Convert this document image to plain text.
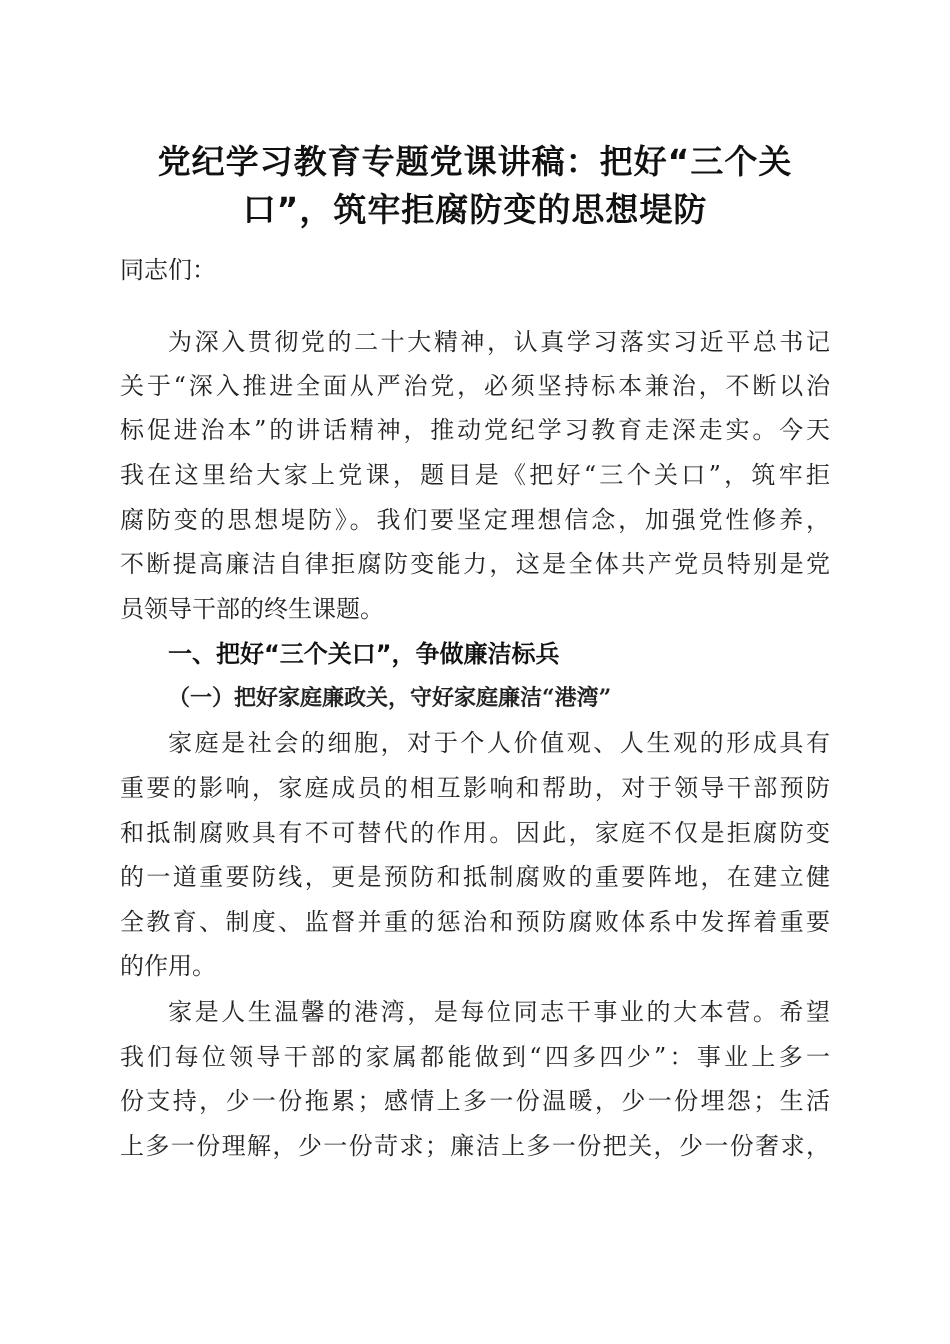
党纪学习教育专题党课讲稿：把好“三个关
口”，筑牢拒腐防变的思想堤防
同志们：
为深入贯彻党的二十大精神，认真学习落实习近平总书记
关于“深入推进全面从严治党，必须坚持标本兼治，不断以治
标促进治本”的讲话精神，推动党纪学习教育走深走实。今天
我在这里给大家上党课，题目是《把好“三个关口”，筑牢拒
腐防变的思想堤防》。我们要坚定理想信念，加强党性修养，
不断提高廉洁自律拒腐防变能力，这是全体共产党员特别是党
员领导干部的终生课题。
一、把好“三个关口”，争做廉洁标兵
（一）把好家庭廉政关，守好家庭廉洁“港湾”
家庭是社会的细胞，对于个人价值观、人生观的形成具有
重要的影响，家庭成员的相互影响和帮助，对于领导干部预防
和抵制腐败具有不可替代的作用。因此，家庭不仅是拒腐防变
的一道重要防线，更是预防和抵制腐败的重要阵地，在建立健
全教育、制度、监督并重的惩治和预防腐败体系中发挥着重要
的作用。
家是人生温馨的港湾，是每位同志干事业的大本营。希望
我们每位领导干部的家属都能做到“四多四少”：事业上多一
份支持，少一份拖累；感情上多一份温暖，少一份埋怨；生活
上多一份理解，少一份苛求；廉洁上多一份把关，少一份奢求，
